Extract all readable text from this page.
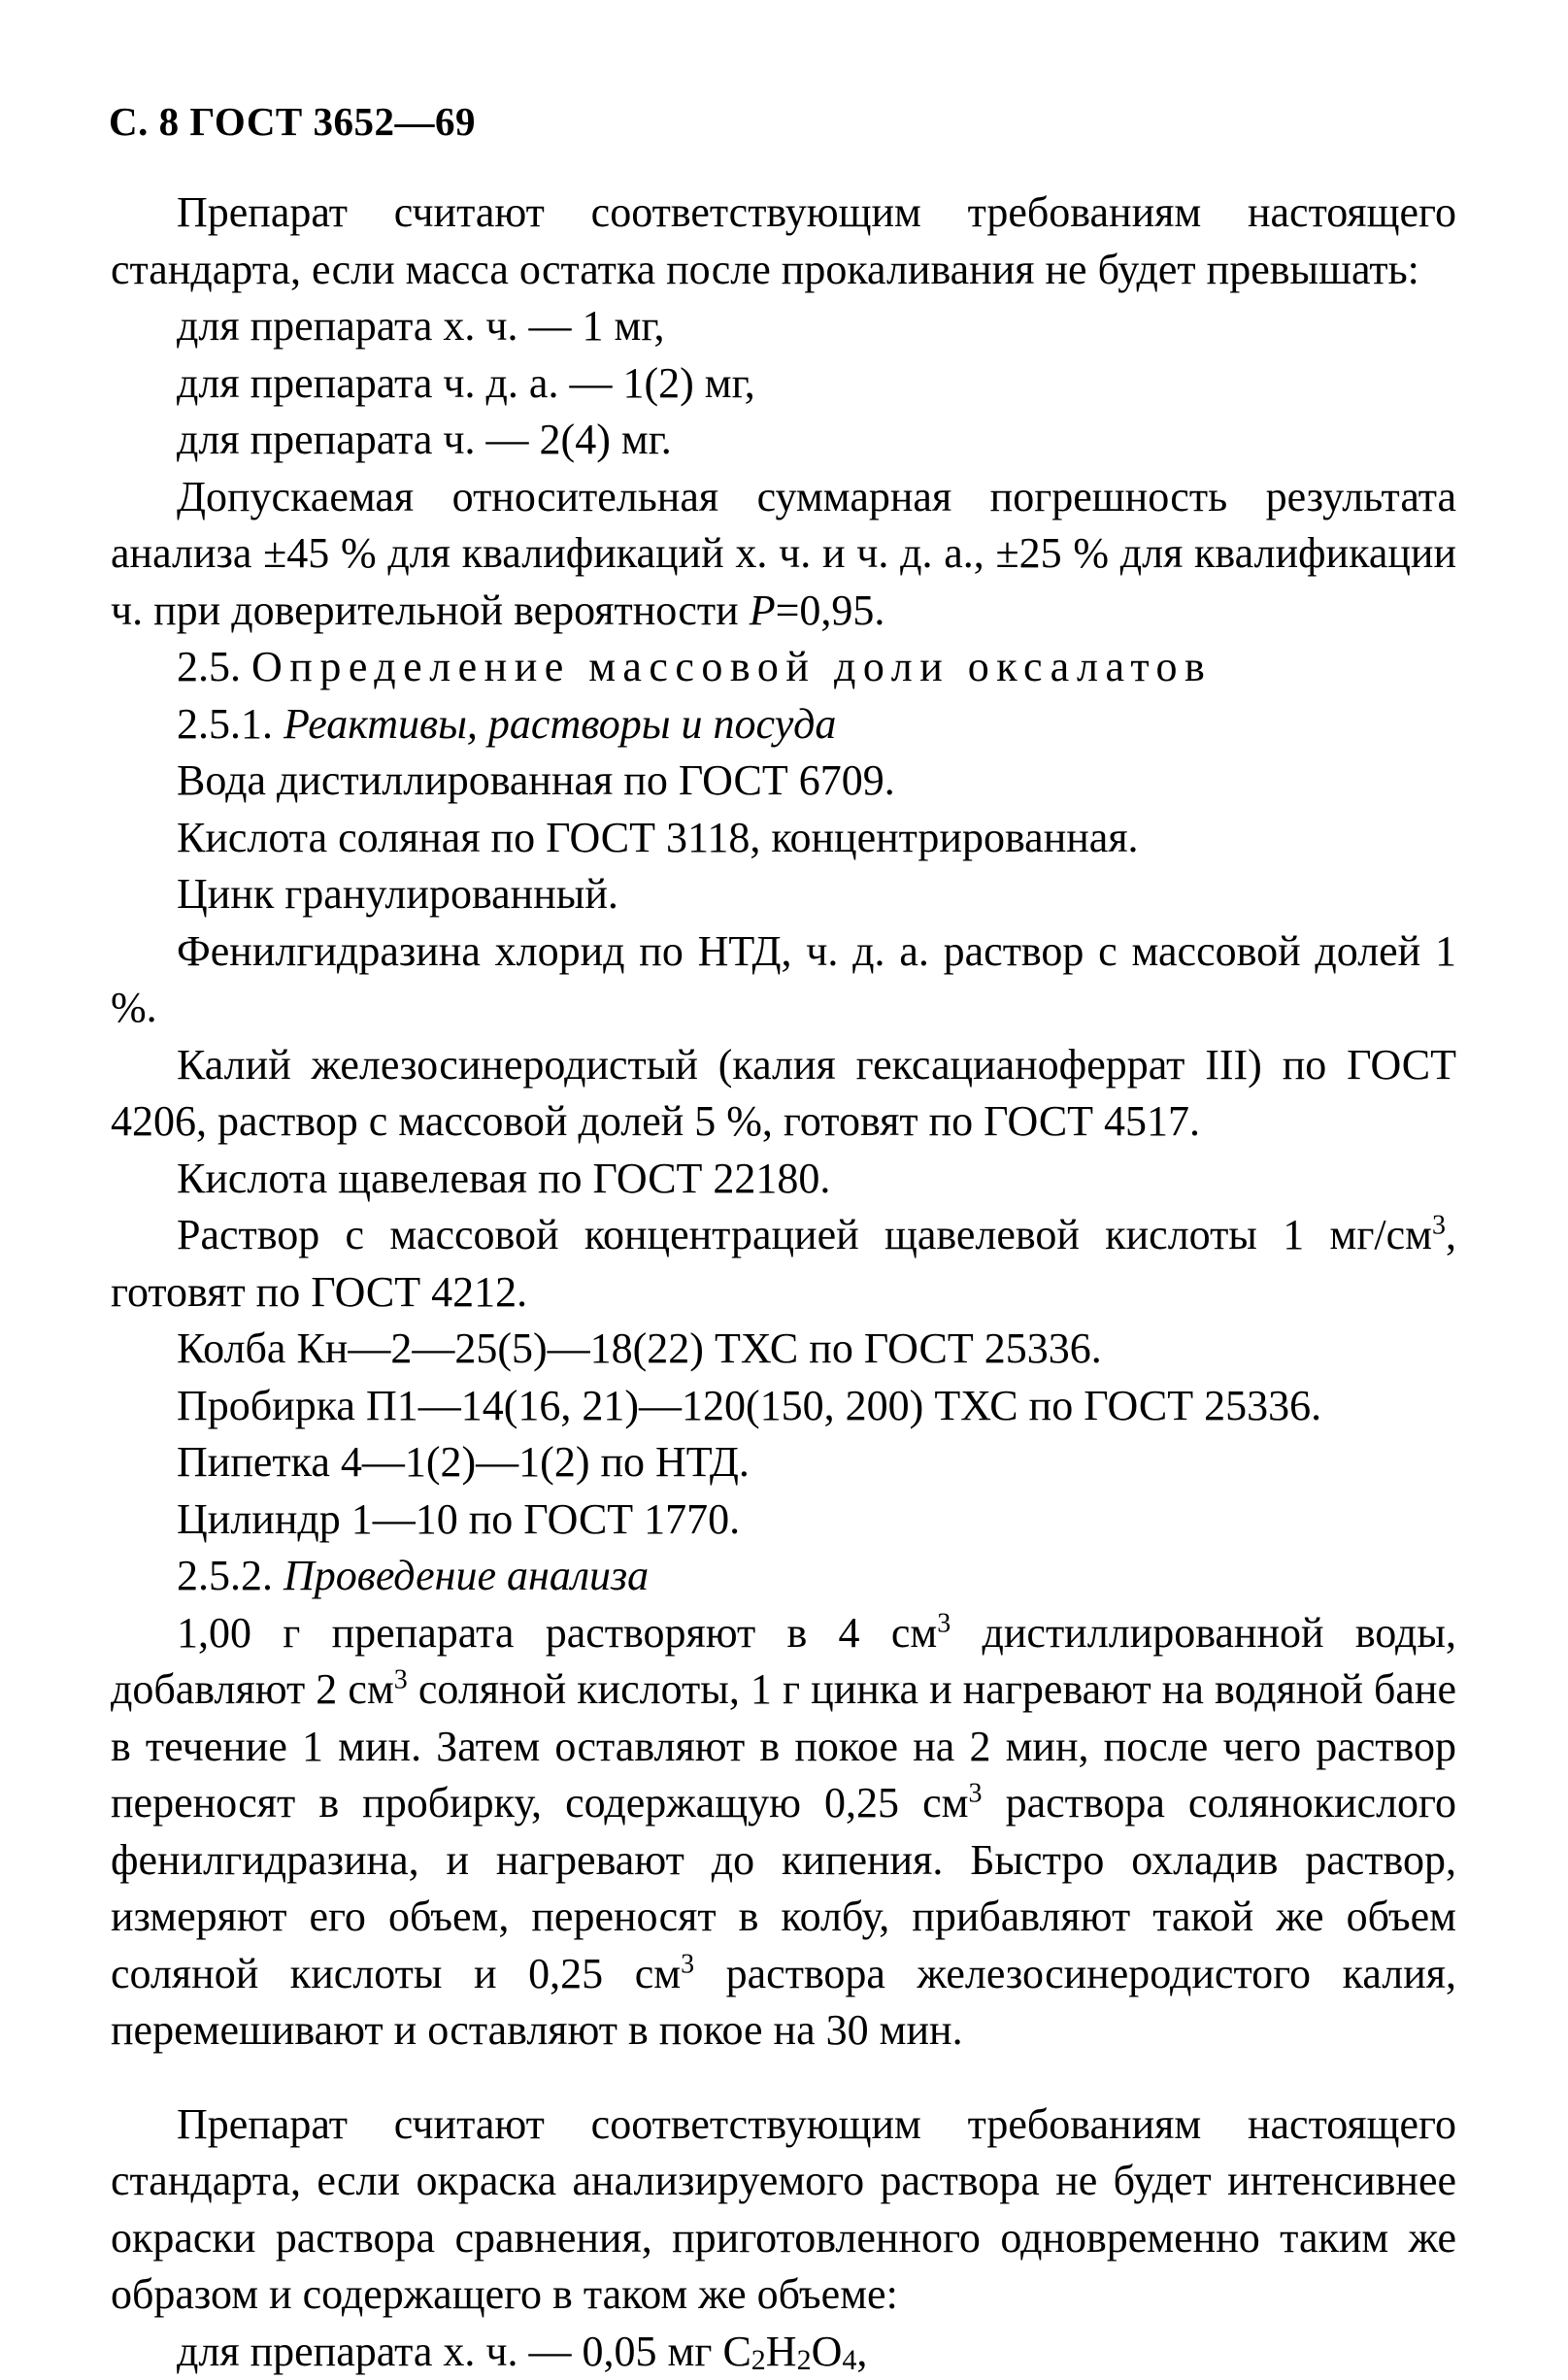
С. 8 ГОСТ 3652—69

Препарат считают соответствующим требованиям настоящего стандарта, если масса остатка после прокаливания не будет превышать:

для препарата х. ч. — 1 мг,

для препарата ч. д. а. — 1(2) мг,

для препарата ч. — 2(4) мг.

Допускаемая относительная суммарная погрешность результата анализа ±45 % для квалификаций х. ч. и ч. д. а., ±25 % для квалификации ч. при доверительной вероятности Р=0,95.

2.5. Определение массовой доли оксалатов

2.5.1. Реактивы, растворы и посуда

Вода дистиллированная по ГОСТ 6709.

Кислота соляная по ГОСТ 3118, концентрированная.

Цинк гранулированный.

Фенилгидразина хлорид по НТД, ч. д. а. раствор с массовой долей 1 %.

Калий железосинеродистый (калия гексацианоферрат III) по ГОСТ 4206, раствор с массовой долей 5 %, готовят по ГОСТ 4517.

Кислота щавелевая по ГОСТ 22180.

Раствор с массовой концентрацией щавелевой кислоты 1 $мг/см^3$, готовят по ГОСТ 4212.

Колба Кн—2—25(5)—18(22) ТХС по ГОСТ 25336.

Пробирка П1—14(16, 21)—120(150, 200) ТХС по ГОСТ 25336.

Пипетка 4—1(2)—1(2) по НТД.

Цилиндр 1—10 по ГОСТ 1770.

2.5.2. Проведение анализа

1,00 г препарата растворяют в 4 $см^3$ дистиллированной воды, добавляют 2 $см^3$ соляной кислоты, 1 г цинка и нагревают на водяной бане в течение 1 мин. Затем оставляют в покое на 2 мин, после чего раствор переносят в пробирку, содержащую 0,25 $см^3$ раствора солянокислого фенилгидразина, и нагревают до кипения. Быстро охладив раствор, измеряют его объем, переносят в колбу, прибавляют такой же объем соляной кислоты и 0,25 $см^3$ раствора железосинеродистого калия, перемешивают и оставляют в покое на 30 мин.

Препарат считают соответствующим требованиям настоящего стандарта, если окраска анализируемого раствора не будет интенсивнее окраски раствора сравнения, приготовленного одновременно таким же образом и содержащего в таком же объеме:

для препарата х. ч. — 0,05 мг $С_2Н_2О_4$,
